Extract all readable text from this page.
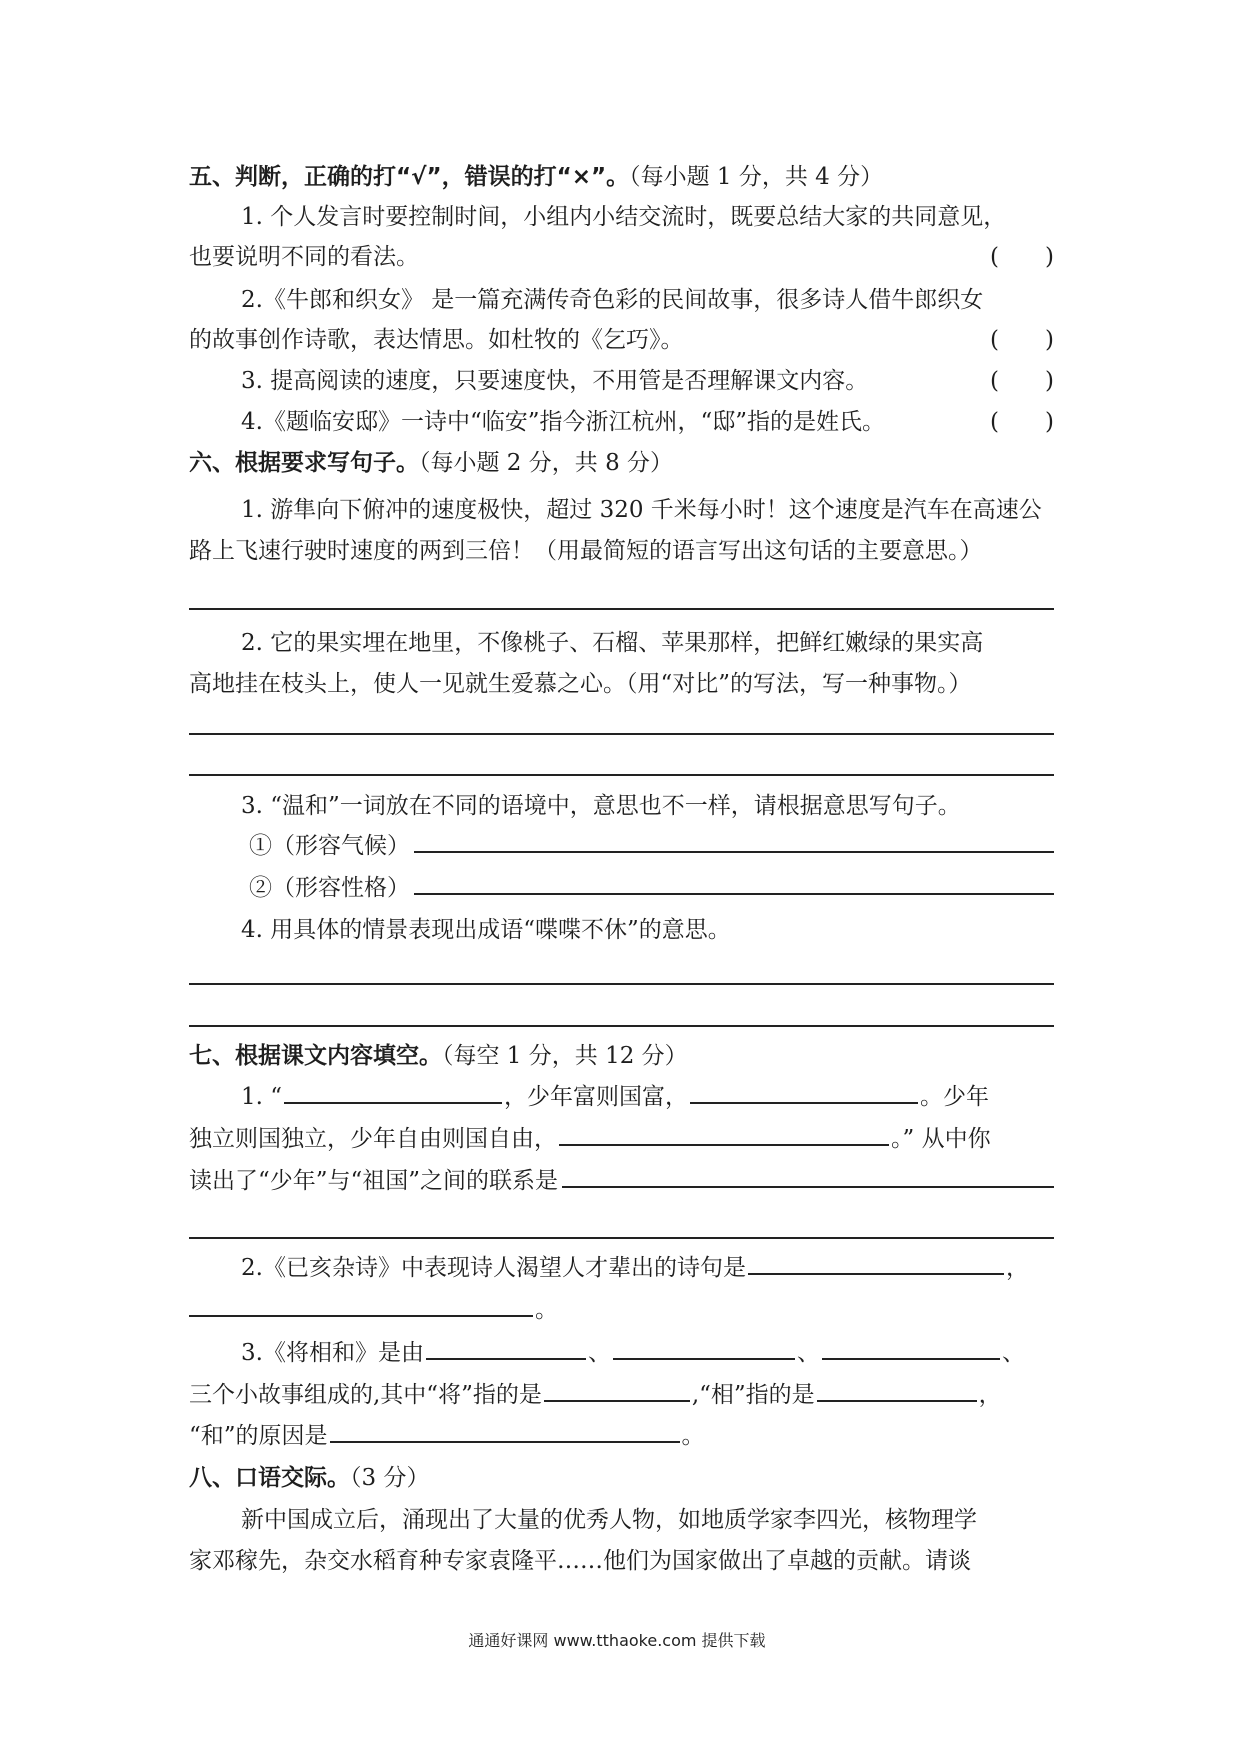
五、判断，正确的打“√”，错误的打“×”。（每小题 1 分，共 4 分）
1. 个人发言时要控制时间，小组内小结交流时，既要总结大家的共同意见，
也要说明不同的看法。	(　　)
2.《牛郎和织女》 是一篇充满传奇色彩的民间故事，很多诗人借牛郎织女
的故事创作诗歌，表达情思。如杜牧的《乞巧》。	(　　)
3. 提高阅读的速度，只要速度快，不用管是否理解课文内容。	(　　)
4.《题临安邸》一诗中“临安”指今浙江杭州，“邸”指的是姓氏。	(　　)
六、根据要求写句子。（每小题 2 分，共 8 分）
1. 游隼向下俯冲的速度极快，超过 320 千米每小时！这个速度是汽车在高速公
路上飞速行驶时速度的两到三倍！（用最简短的语言写出这句话的主要意思。）
2. 它的果实埋在地里，不像桃子、石榴、苹果那样，把鲜红嫩绿的果实高
高地挂在枝头上，使人一见就生爱慕之心。（用“对比”的写法，写一种事物。）
3. “温和”一词放在不同的语境中，意思也不一样，请根据意思写句子。
①（形容气候）
②（形容性格）
4. 用具体的情景表现出成语“喋喋不休”的意思。
七、根据课文内容填空。（每空 1 分，共 12 分）
1. “	，少年富则国富，	。少年
独立则国独立，少年自由则国自由，	。” 从中你
读出了“少年”与“祖国”之间的联系是
2.《已亥杂诗》中表现诗人渴望人才辈出的诗句是	，
。
3.《将相和》是由	、	、	、
三个小故事组成的,其中“将”指的是	,“相”指的是	，
“和”的原因是	。
八、口语交际。（3 分）
新中国成立后，涌现出了大量的优秀人物，如地质学家李四光，核物理学
家邓稼先，杂交水稻育种专家袁隆平……他们为国家做出了卓越的贡献。请谈
通通好课网 www.tthaoke.com 提供下载
